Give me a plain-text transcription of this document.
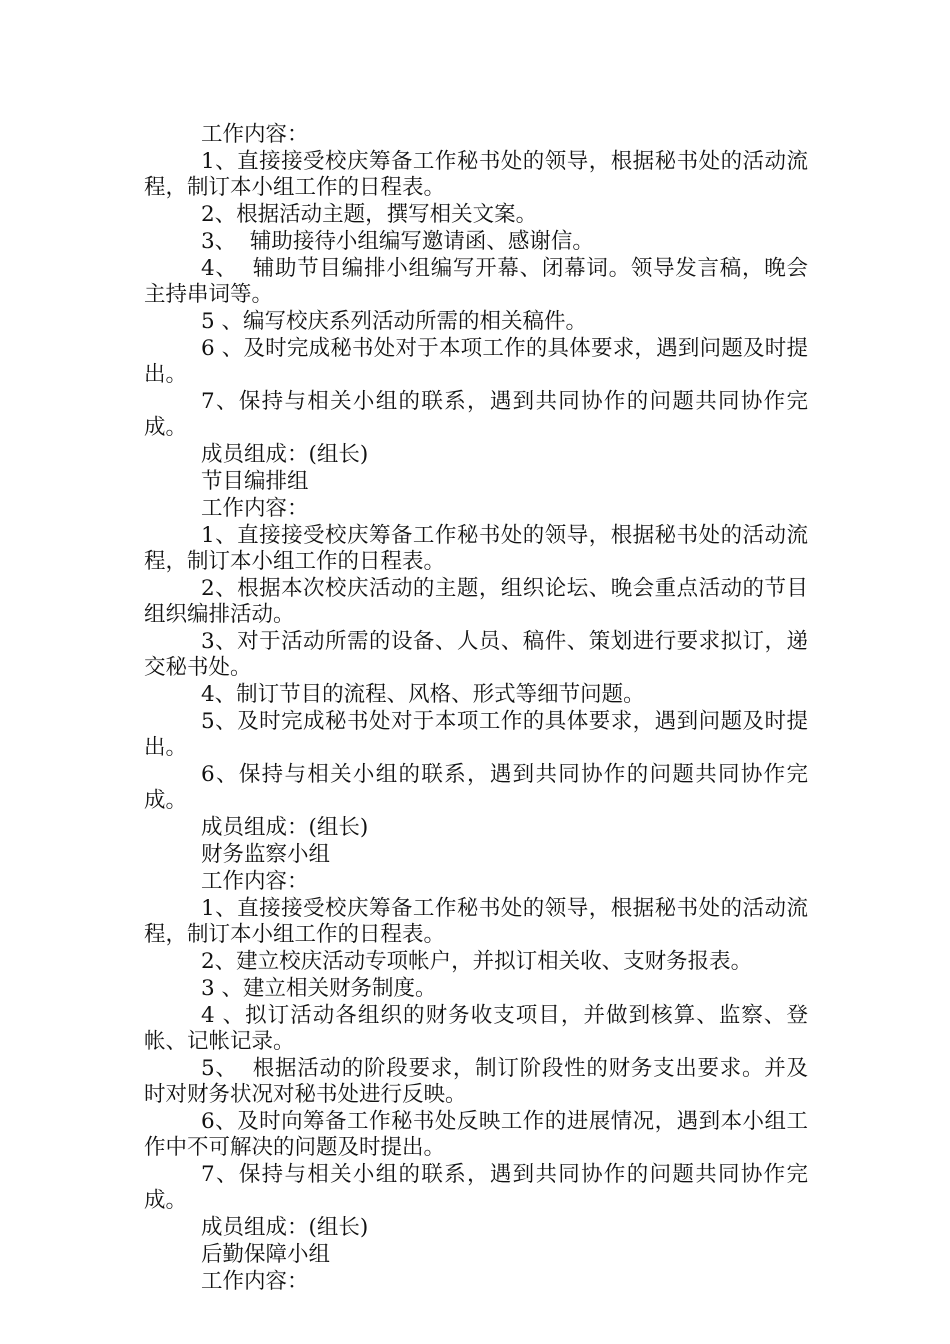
工作内容：

1、直接接受校庆筹备工作秘书处的领导，根据秘书处的活动流程，制订本小组工作的日程表。

2、根据活动主题，撰写相关文案。

3、  辅助接待小组编写邀请函、感谢信。

4、  辅助节目编排小组编写开幕、闭幕词。领导发言稿，晚会主持串词等。

5 、编写校庆系列活动所需的相关稿件。

6 、及时完成秘书处对于本项工作的具体要求，遇到问题及时提出。

7、保持与相关小组的联系，遇到共同协作的问题共同协作完成。

成员组成：(组长)

节目编排组

工作内容：

1、直接接受校庆筹备工作秘书处的领导，根据秘书处的活动流程，制订本小组工作的日程表。

2、根据本次校庆活动的主题，组织论坛、晚会重点活动的节目组织编排活动。

3、对于活动所需的设备、人员、稿件、策划进行要求拟订，递交秘书处。

4、制订节目的流程、风格、形式等细节问题。

5、及时完成秘书处对于本项工作的具体要求，遇到问题及时提出。

6、保持与相关小组的联系，遇到共同协作的问题共同协作完成。

成员组成：(组长)

财务监察小组

工作内容：

1、直接接受校庆筹备工作秘书处的领导，根据秘书处的活动流程，制订本小组工作的日程表。

2、建立校庆活动专项帐户，并拟订相关收、支财务报表。

3 、建立相关财务制度。

4 、拟订活动各组织的财务收支项目，并做到核算、监察、登帐、记帐记录。

5、  根据活动的阶段要求，制订阶段性的财务支出要求。并及时对财务状况对秘书处进行反映。

6、及时向筹备工作秘书处反映工作的进展情况，遇到本小组工作中不可解决的问题及时提出。

7、保持与相关小组的联系，遇到共同协作的问题共同协作完成。

成员组成：(组长)

后勤保障小组

工作内容：
